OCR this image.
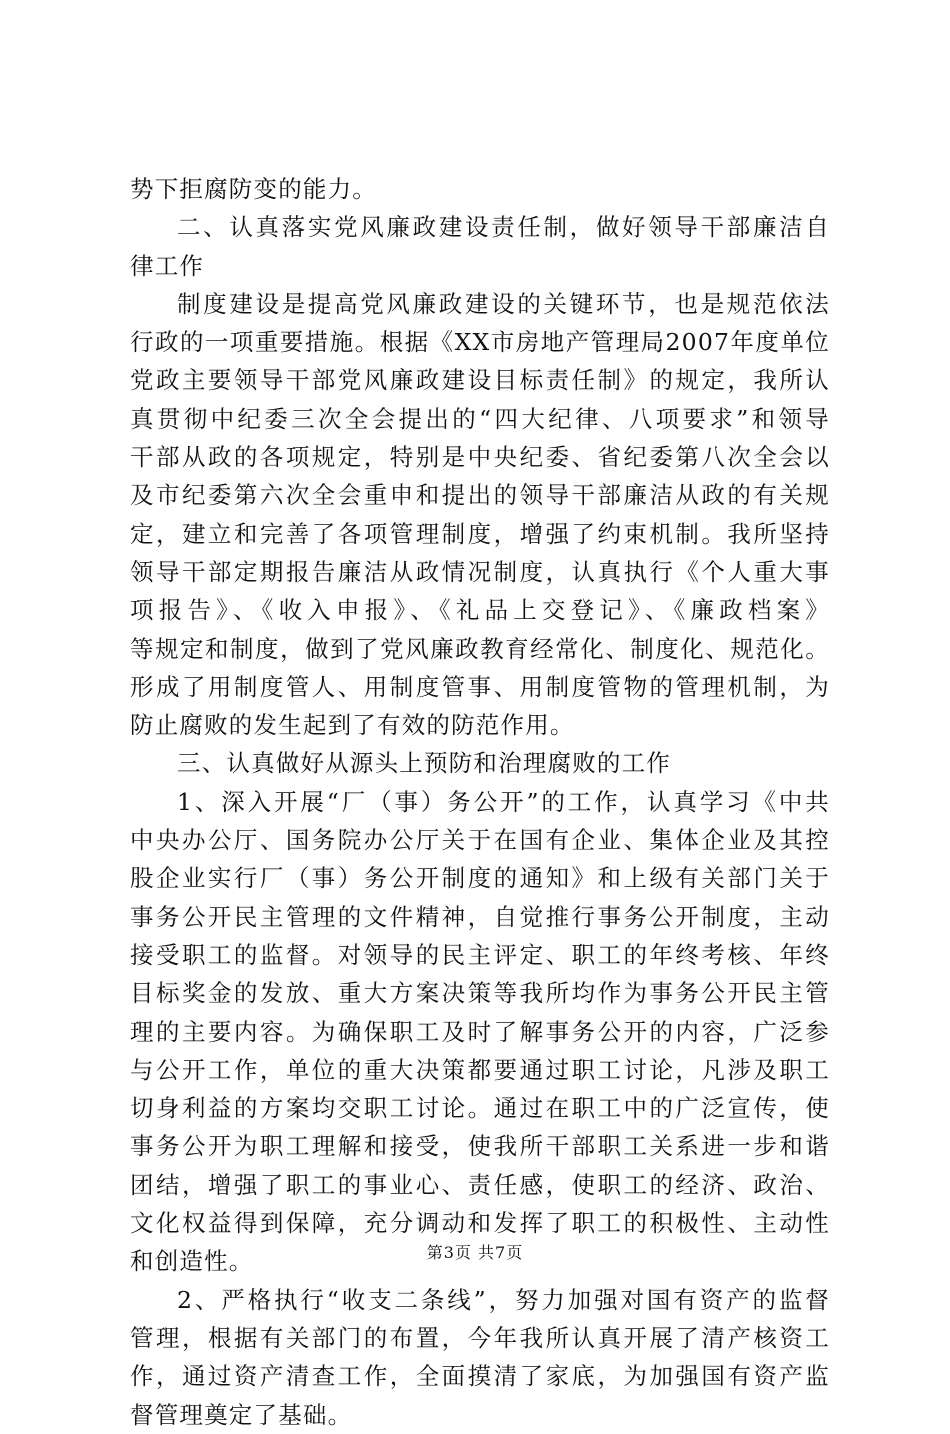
势下拒腐防变的能力。
二、认真落实党风廉政建设责任制，做好领导干部廉洁自
律工作
制度建设是提高党风廉政建设的关键环节，也是规范依法
行政的一项重要措施。根据《XX市房地产管理局2007年度单位
党政主要领导干部党风廉政建设目标责任制》的规定，我所认
真贯彻中纪委三次全会提出的“四大纪律、八项要求”和领导
干部从政的各项规定，特别是中央纪委、省纪委第八次全会以
及市纪委第六次全会重申和提出的领导干部廉洁从政的有关规
定，建立和完善了各项管理制度，增强了约束机制。我所坚持
领导干部定期报告廉洁从政情况制度，认真执行《个人重大事
项报告》、《收入申报》、《礼品上交登记》、《廉政档案》
等规定和制度，做到了党风廉政教育经常化、制度化、规范化。
形成了用制度管人、用制度管事、用制度管物的管理机制，为
防止腐败的发生起到了有效的防范作用。
三、认真做好从源头上预防和治理腐败的工作
1、深入开展“厂（事）务公开”的工作，认真学习《中共
中央办公厅、国务院办公厅关于在国有企业、集体企业及其控
股企业实行厂（事）务公开制度的通知》和上级有关部门关于
事务公开民主管理的文件精神，自觉推行事务公开制度，主动
接受职工的监督。对领导的民主评定、职工的年终考核、年终
目标奖金的发放、重大方案决策等我所均作为事务公开民主管
理的主要内容。为确保职工及时了解事务公开的内容，广泛参
与公开工作，单位的重大决策都要通过职工讨论，凡涉及职工
切身利益的方案均交职工讨论。通过在职工中的广泛宣传，使
事务公开为职工理解和接受，使我所干部职工关系进一步和谐
团结，增强了职工的事业心、责任感，使职工的经济、政治、
文化权益得到保障，充分调动和发挥了职工的积极性、主动性
和创造性。
2、严格执行“收支二条线”，努力加强对国有资产的监督
管理，根据有关部门的布置，今年我所认真开展了清产核资工
作，通过资产清查工作，全面摸清了家底，为加强国有资产监
督管理奠定了基础。
第3页 共7页
